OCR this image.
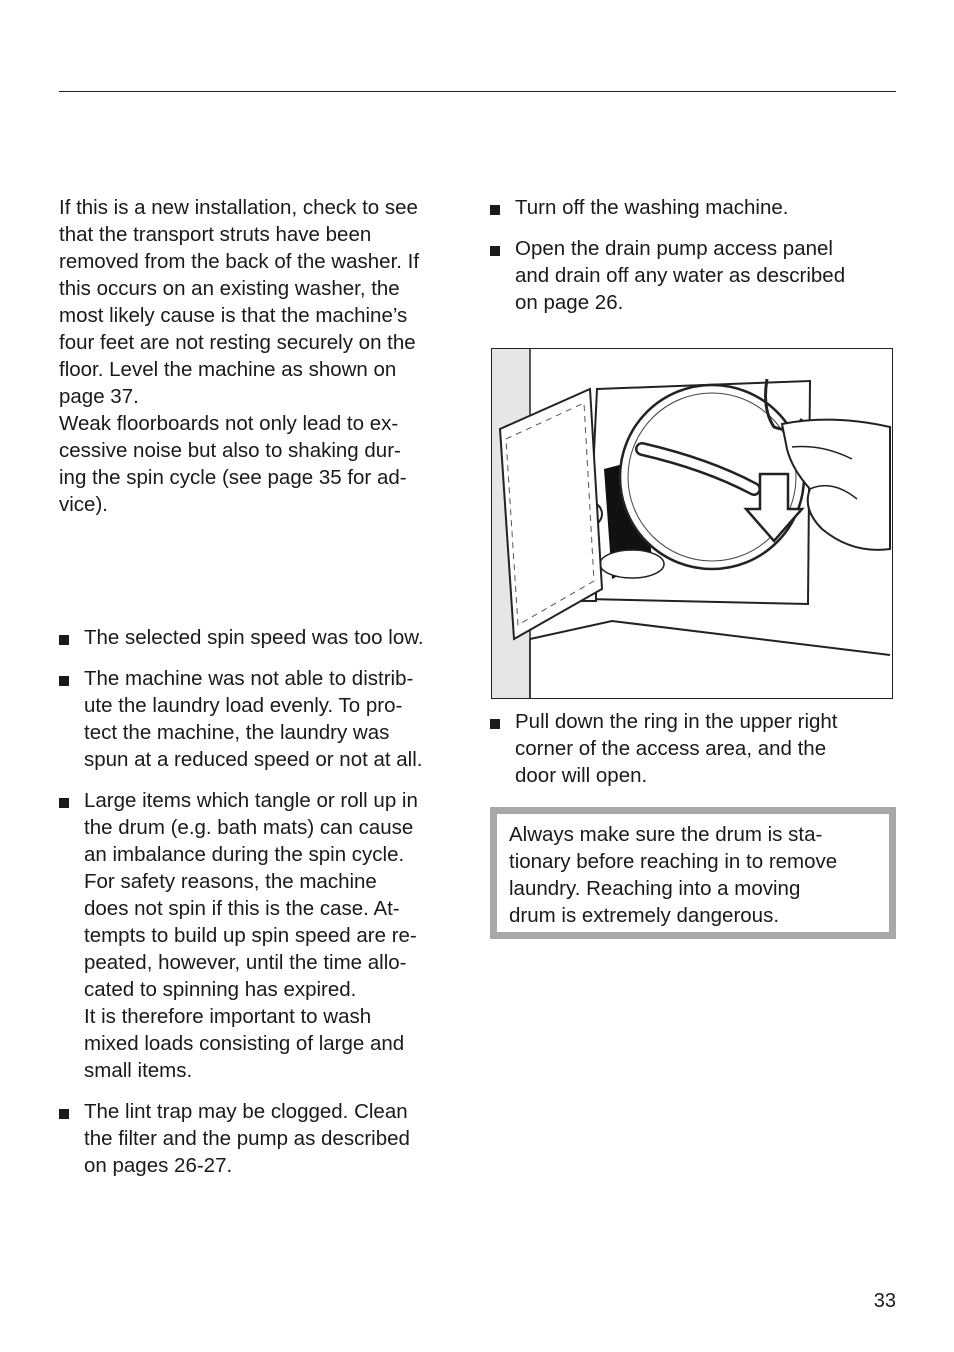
If this is a new installation, check to see
that the transport struts have been
removed from the back of the washer. If
this occurs on an existing washer, the
most likely cause is that the machine’s
four feet are not resting securely on the
floor. Level the machine as shown on
page 37.
Weak floorboards not only lead to ex-
cessive noise but also to shaking dur-
ing the spin cycle (see page 35 for ad-
vice).

The selected spin speed was too low.
The machine was not able to distrib-
ute the laundry load evenly. To pro-
tect the machine, the laundry was
spun at a reduced speed or not at all.
Large items which tangle or roll up in
the drum (e.g. bath mats) can cause
an imbalance during the spin cycle.
For safety reasons, the machine
does not spin if this is the case. At-
tempts to build up spin speed are re-
peated, however, until the time allo-
cated to spinning has expired.
It is therefore important to wash
mixed loads consisting of large and
small items.
The lint trap may be clogged. Clean
the filter and the pump as described
on pages 26-27.
Turn off the washing machine.
Open the drain pump access panel
and drain off any water as described
on page 26.
Pull down the ring in the upper right
corner of the access area, and the
door will open.
Always make sure the drum is sta-
tionary before reaching in to remove
laundry. Reaching into a moving
drum is extremely dangerous.
33
